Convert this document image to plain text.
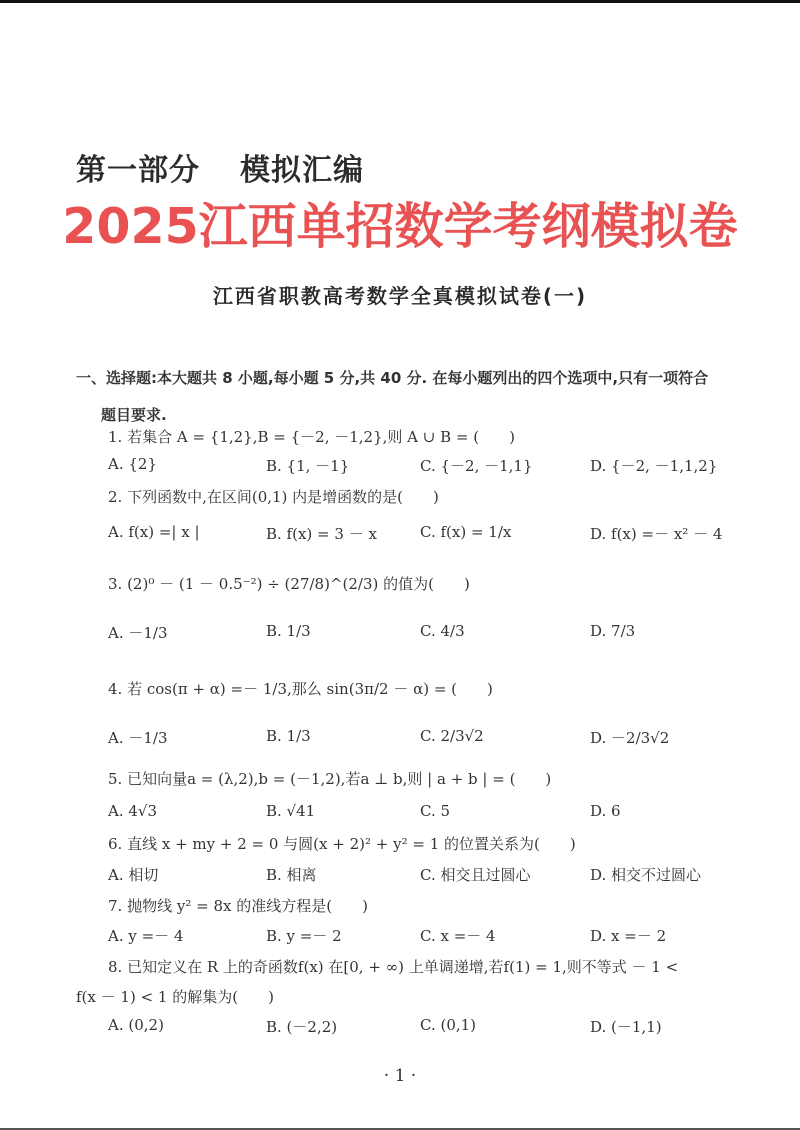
第一部分 模拟汇编
2025江西单招数学考纲模拟卷
江西省职教高考数学全真模拟试卷(一)
一、选择题:本大题共 8 小题,每小题 5 分,共 40 分. 在每小题列出的四个选项中,只有一项符合
题目要求.
1. 若集合 A = {1,2},B = {－2, －1,2},则 A ∪ B = (　　)
A. {2}	B. {1, －1}	C. {－2, －1,1}	D. {－2, －1,1,2}
2. 下列函数中,在区间(0,1) 内是增函数的是(　　)
A. f(x) =| x |	B. f(x) = 3 － x	C. f(x) = 1/x	D. f(x) =－ x² － 4
3. (2)⁰ － (1 － 0.5⁻²) ÷ (27/8)^(2/3) 的值为(　　)
A. －1/3	B. 1/3	C. 4/3	D. 7/3
4. 若 cos(π + α) =－ 1/3,那么 sin(3π/2 － α) = (　　)
A. －1/3	B. 1/3	C. 2/3√2	D. －2/3√2
5. 已知向量a = (λ,2),b = (－1,2),若a ⊥ b,则 | a + b | = (　　)
A. 4√3	B. √41	C. 5	D. 6
6. 直线 x + my + 2 = 0 与圆(x + 2)² + y² = 1 的位置关系为(　　)
A. 相切	B. 相离	C. 相交且过圆心	D. 相交不过圆心
7. 抛物线 y² = 8x 的准线方程是(　　)
A. y =－ 4	B. y =－ 2	C. x =－ 4	D. x =－ 2
8. 已知定义在 R 上的奇函数f(x) 在[0, + ∞) 上单调递增,若f(1) = 1,则不等式 － 1 <
f(x － 1) < 1 的解集为(　　)
A. (0,2)	B. (－2,2)	C. (0,1)	D. (－1,1)
· 1 ·
